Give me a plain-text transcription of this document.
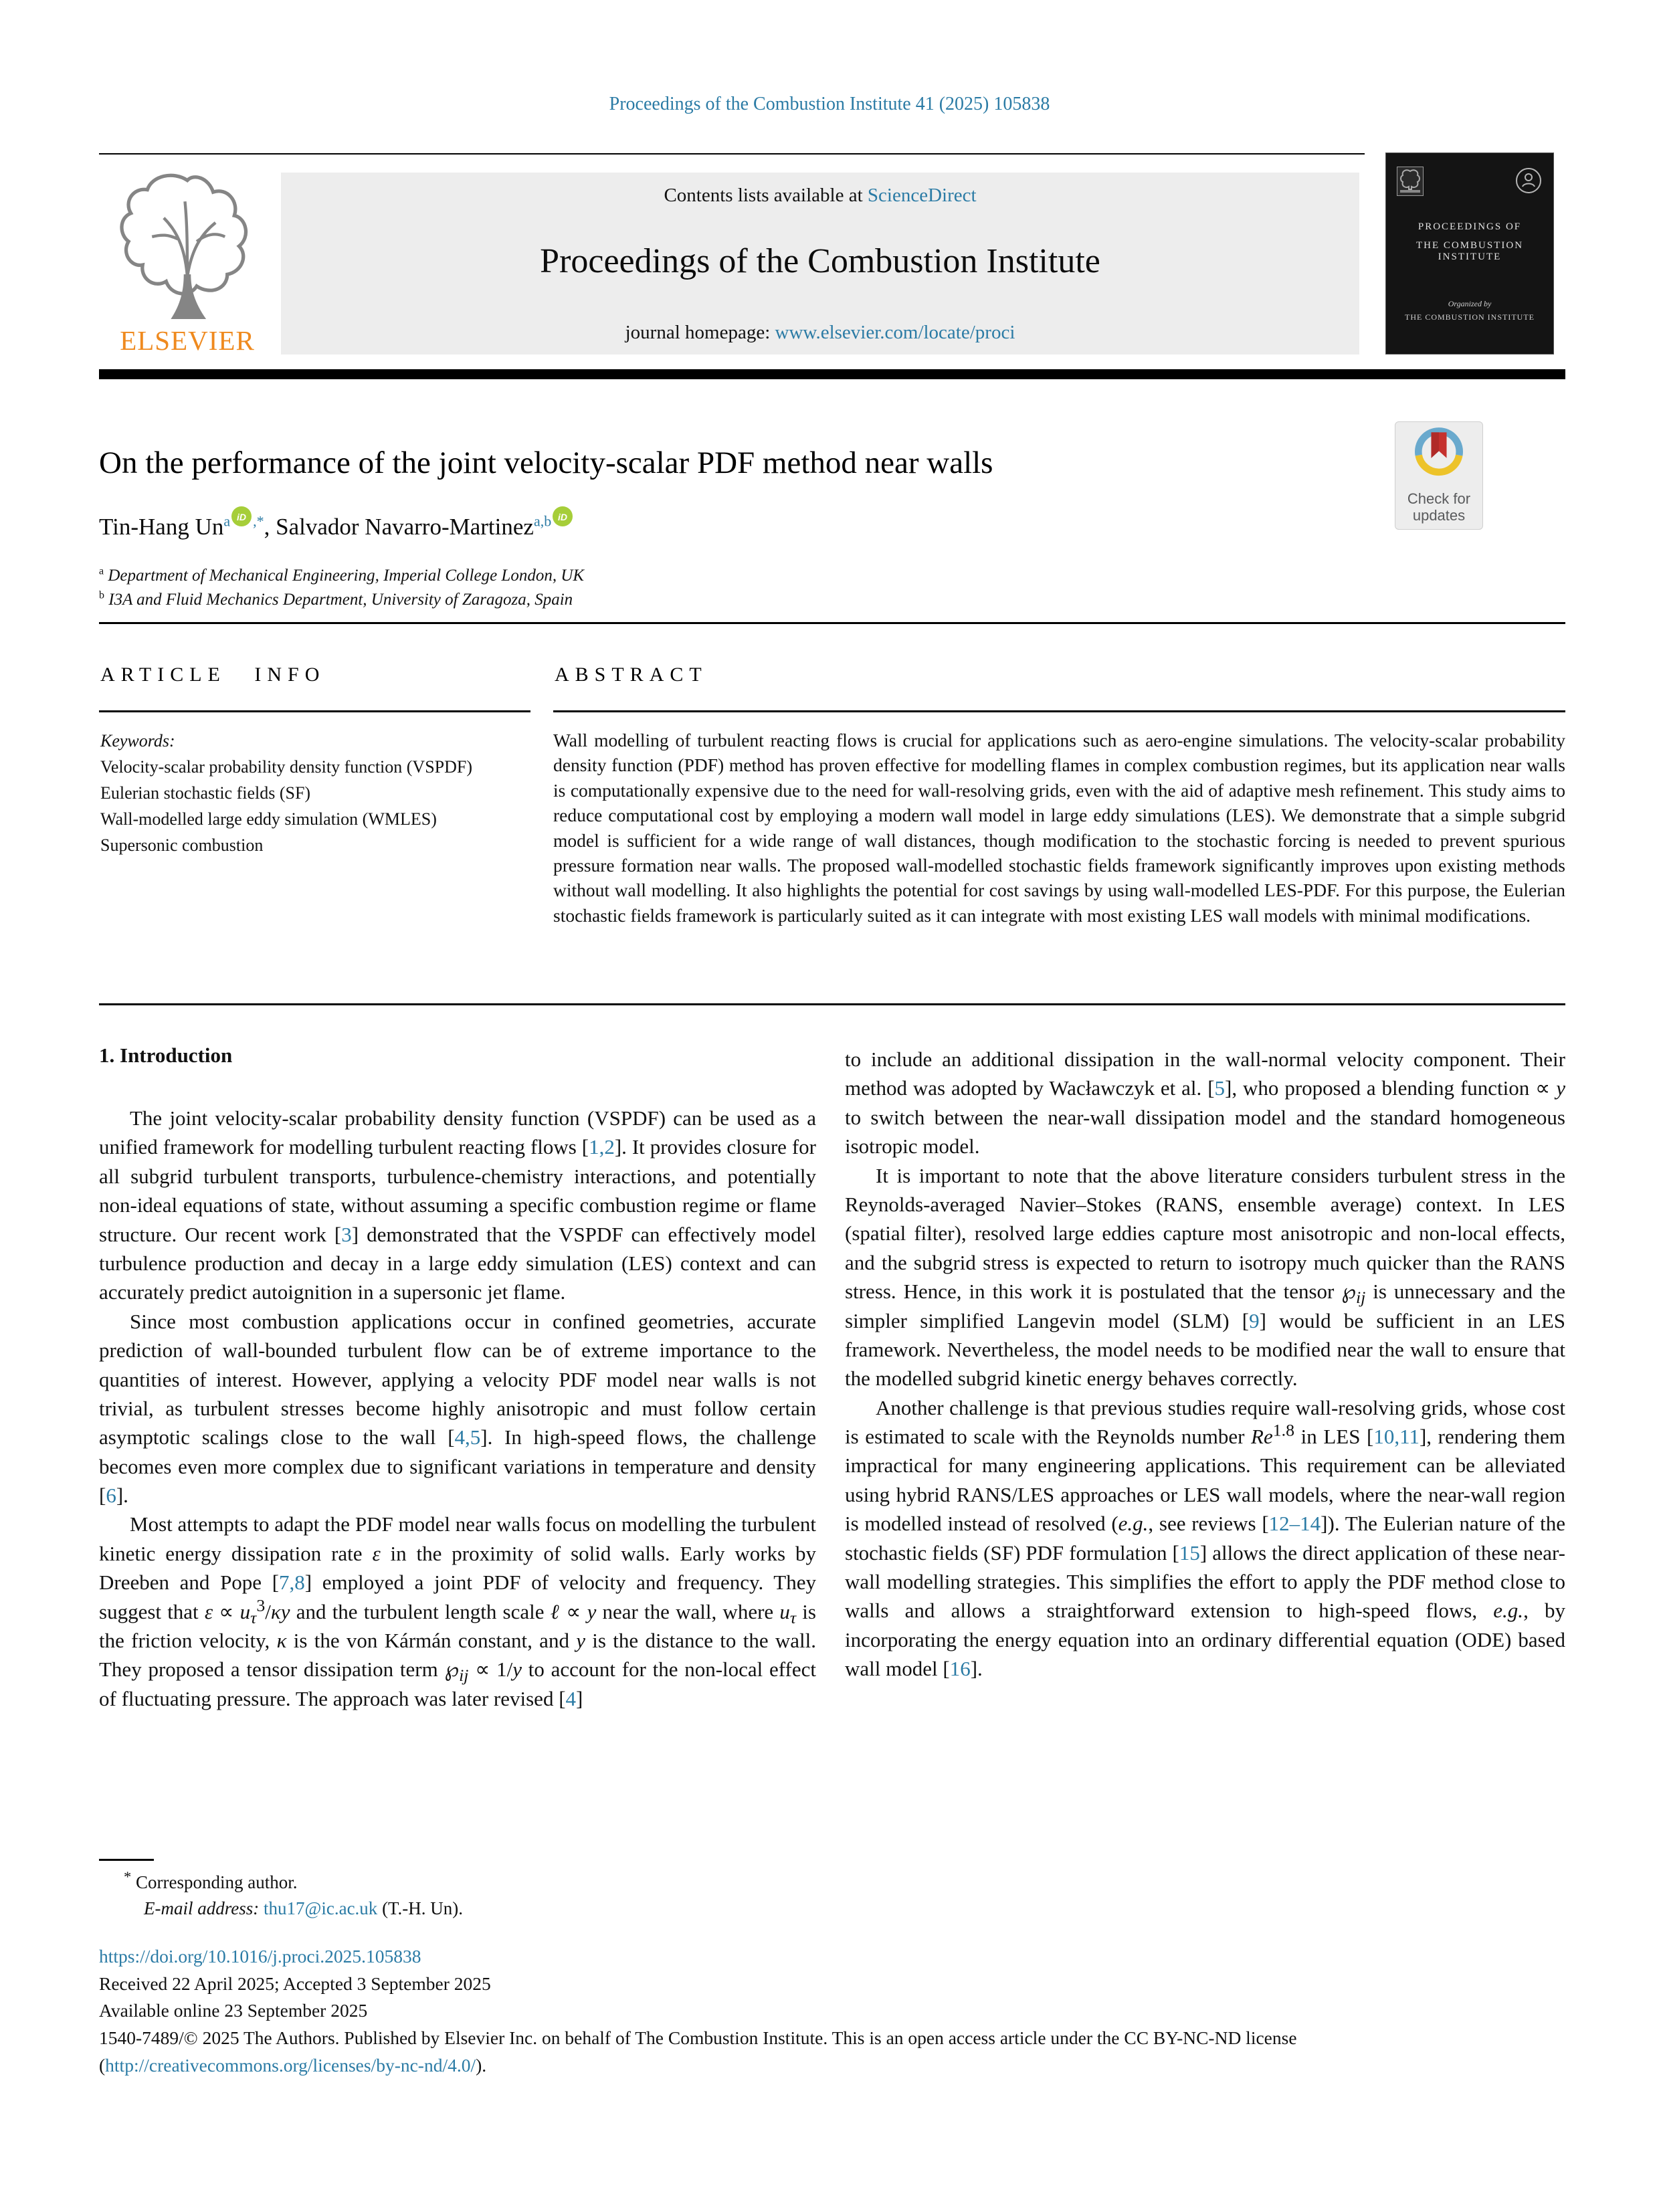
Proceedings of the Combustion Institute 41 (2025) 105838
ELSEVIER
Contents lists available at ScienceDirect
Proceedings of the Combustion Institute
journal homepage: www.elsevier.com/locate/proci
PROCEEDINGS OF
THE COMBUSTION INSTITUTE
Organized by
THE COMBUSTION INSTITUTE
On the performance of the joint velocity-scalar PDF method near walls
Check for
updates
Tin-Hang Un$^a$ iD ,*, Salvador Navarro-Martinez$^{a,b}$ iD
$^a$ Department of Mechanical Engineering, Imperial College London, UK
$^b$ I3A and Fluid Mechanics Department, University of Zaragoza, Spain
ARTICLE INFO	ABSTRACT
Keywords:
Velocity-scalar probability density function (VSPDF)
Eulerian stochastic fields (SF)
Wall-modelled large eddy simulation (WMLES)
Supersonic combustion
Wall modelling of turbulent reacting flows is crucial for applications such as aero-engine simulations. The velocity-scalar probability density function (PDF) method has proven effective for modelling flames in complex combustion regimes, but its application near walls is computationally expensive due to the need for wall-resolving grids, even with the aid of adaptive mesh refinement. This study aims to reduce computational cost by employing a modern wall model in large eddy simulations (LES). We demonstrate that a simple subgrid model is sufficient for a wide range of wall distances, though modification to the stochastic forcing is needed to prevent spurious pressure formation near walls. The proposed wall-modelled stochastic fields framework significantly improves upon existing methods without wall modelling. It also highlights the potential for cost savings by using wall-modelled LES-PDF. For this purpose, the Eulerian stochastic fields framework is particularly suited as it can integrate with most existing LES wall models with minimal modifications.
1. Introduction

The joint velocity-scalar probability density function (VSPDF) can be used as a unified framework for modelling turbulent reacting flows [1,2]. It provides closure for all subgrid turbulent transports, turbulence-chemistry interactions, and potentially non-ideal equations of state, without assuming a specific combustion regime or flame structure. Our recent work [3] demonstrated that the VSPDF can effectively model turbulence production and decay in a large eddy simulation (LES) context and can accurately predict autoignition in a supersonic jet flame.

Since most combustion applications occur in confined geometries, accurate prediction of wall-bounded turbulent flow can be of extreme importance to the quantities of interest. However, applying a velocity PDF model near walls is not trivial, as turbulent stresses become highly anisotropic and must follow certain asymptotic scalings close to the wall [4,5]. In high-speed flows, the challenge becomes even more complex due to significant variations in temperature and density [6].

Most attempts to adapt the PDF model near walls focus on modelling the turbulent kinetic energy dissipation rate ε in the proximity of solid walls. Early works by Dreeben and Pope [7,8] employed a joint PDF of velocity and frequency. They suggest that $\varepsilon \propto u_\tau^3/\kappa y$ and the turbulent length scale ℓ ∝ y near the wall, where $u_\tau$ is the friction velocity, κ is the von Kármán constant, and y is the distance to the wall. They proposed a tensor dissipation term $℘_{ij} \propto 1/y$ to account for the non-local effect of fluctuating pressure. The approach was later revised [4]

to include an additional dissipation in the wall-normal velocity component. Their method was adopted by Wacławczyk et al. [5], who proposed a blending function ∝ y to switch between the near-wall dissipation model and the standard homogeneous isotropic model.

It is important to note that the above literature considers turbulent stress in the Reynolds-averaged Navier–Stokes (RANS, ensemble average) context. In LES (spatial filter), resolved large eddies capture most anisotropic and non-local effects, and the subgrid stress is expected to return to isotropy much quicker than the RANS stress. Hence, in this work it is postulated that the tensor $℘_{ij}$ is unnecessary and the simpler simplified Langevin model (SLM) [9] would be sufficient in an LES framework. Nevertheless, the model needs to be modified near the wall to ensure that the modelled subgrid kinetic energy behaves correctly.

Another challenge is that previous studies require wall-resolving grids, whose cost is estimated to scale with the Reynolds number $Re^{1.8}$ in LES [10,11], rendering them impractical for many engineering applications. This requirement can be alleviated using hybrid RANS/LES approaches or LES wall models, where the near-wall region is modelled instead of resolved (e.g., see reviews [12–14]). The Eulerian nature of the stochastic fields (SF) PDF formulation [15] allows the direct application of these near-wall modelling strategies. This simplifies the effort to apply the PDF method close to walls and allows a straightforward extension to high-speed flows, e.g., by incorporating the energy equation into an ordinary differential equation (ODE) based wall model [16].

* Corresponding author.
E-mail address: thu17@ic.ac.uk (T.-H. Un).

https://doi.org/10.1016/j.proci.2025.105838

Received 22 April 2025; Accepted 3 September 2025

Available online 23 September 2025

1540-7489/© 2025 The Authors. Published by Elsevier Inc. on behalf of The Combustion Institute. This is an open access article under the CC BY-NC-ND license

(http://creativecommons.org/licenses/by-nc-nd/4.0/).
